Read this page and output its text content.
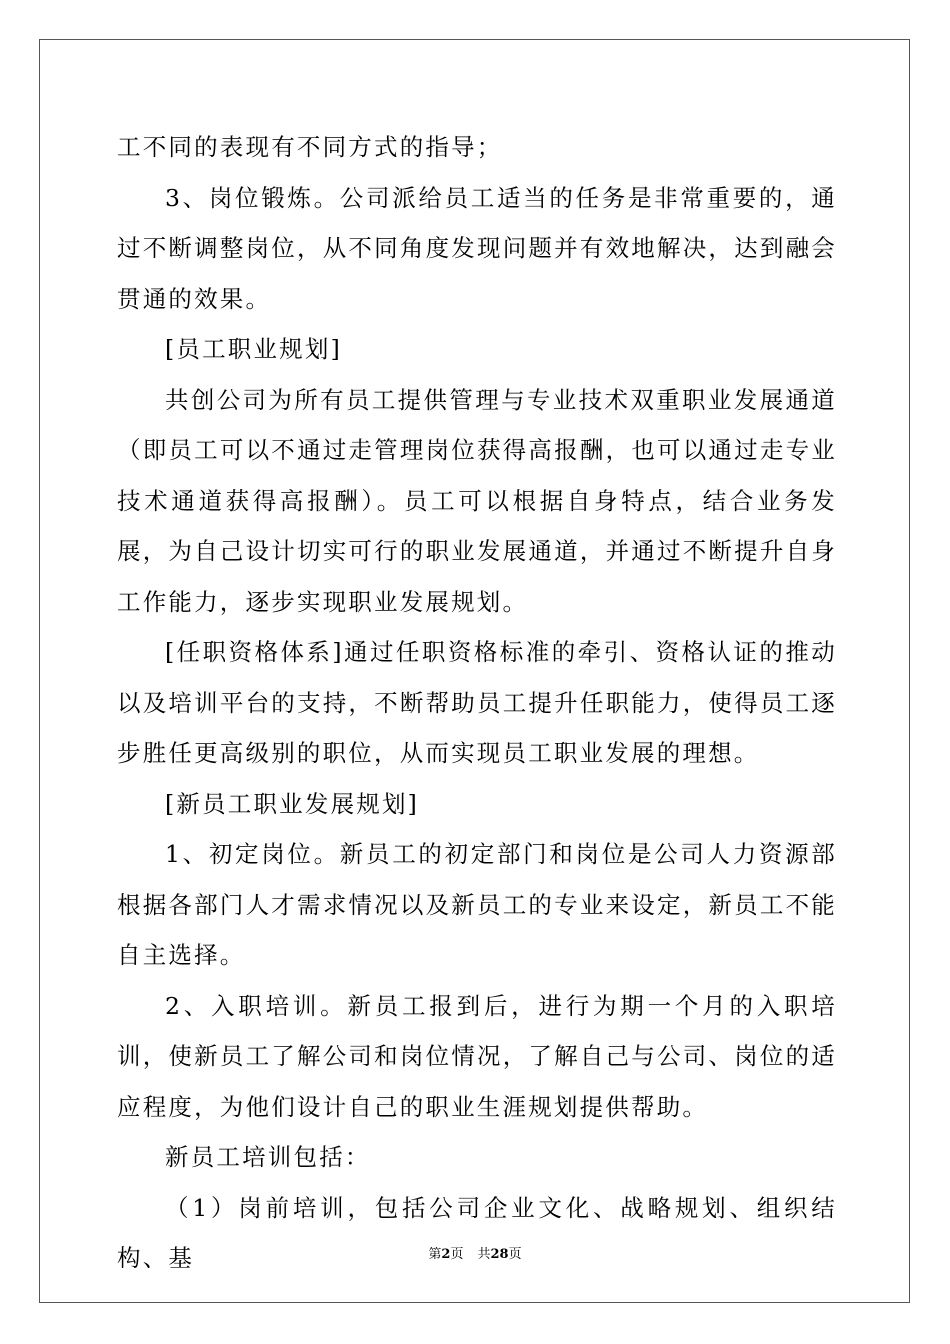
工不同的表现有不同方式的指导；

3、岗位锻炼。公司派给员工适当的任务是非常重要的，通过不断调整岗位，从不同角度发现问题并有效地解决，达到融会贯通的效果。

[员工职业规划]

共创公司为所有员工提供管理与专业技术双重职业发展通道（即员工可以不通过走管理岗位获得高报酬，也可以通过走专业技术通道获得高报酬）。员工可以根据自身特点，结合业务发展，为自己设计切实可行的职业发展通道，并通过不断提升自身工作能力，逐步实现职业发展规划。

[任职资格体系]通过任职资格标准的牵引、资格认证的推动以及培训平台的支持，不断帮助员工提升任职能力，使得员工逐步胜任更高级别的职位，从而实现员工职业发展的理想。

[新员工职业发展规划]

1、初定岗位。新员工的初定部门和岗位是公司人力资源部根据各部门人才需求情况以及新员工的专业来设定，新员工不能自主选择。

2、入职培训。新员工报到后，进行为期一个月的入职培训，使新员工了解公司和岗位情况，了解自己与公司、岗位的适应程度，为他们设计自己的职业生涯规划提供帮助。

新员工培训包括：

（1）岗前培训，包括公司企业文化、战略规划、组织结构、基	第2页 共28页
